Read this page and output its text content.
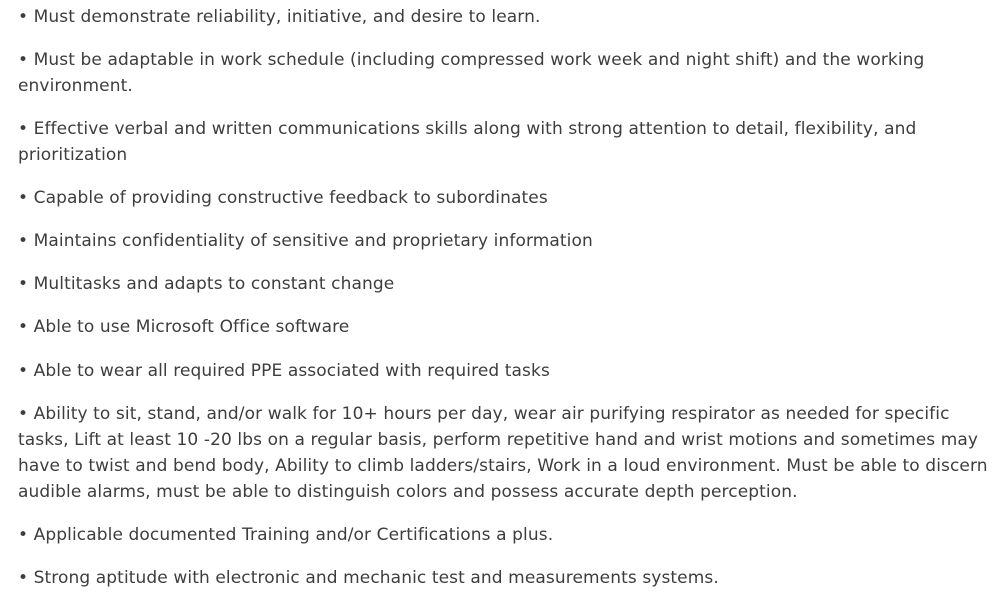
• Must demonstrate reliability, initiative, and desire to learn.

• Must be adaptable in work schedule (including compressed work week and night shift) and the working environment.

• Effective verbal and written communications skills along with strong attention to detail, flexibility, and prioritization

• Capable of providing constructive feedback to subordinates

• Maintains confidentiality of sensitive and proprietary information

• Multitasks and adapts to constant change

• Able to use Microsoft Office software

• Able to wear all required PPE associated with required tasks

• Ability to sit, stand, and/or walk for 10+ hours per day, wear air purifying respirator as needed for specific tasks, Lift at least 10 -20 lbs on a regular basis, perform repetitive hand and wrist motions and sometimes may have to twist and bend body, Ability to climb ladders/stairs, Work in a loud environment. Must be able to discern audible alarms, must be able to distinguish colors and possess accurate depth perception.

• Applicable documented Training and/or Certifications a plus.

• Strong aptitude with electronic and mechanic test and measurements systems.
